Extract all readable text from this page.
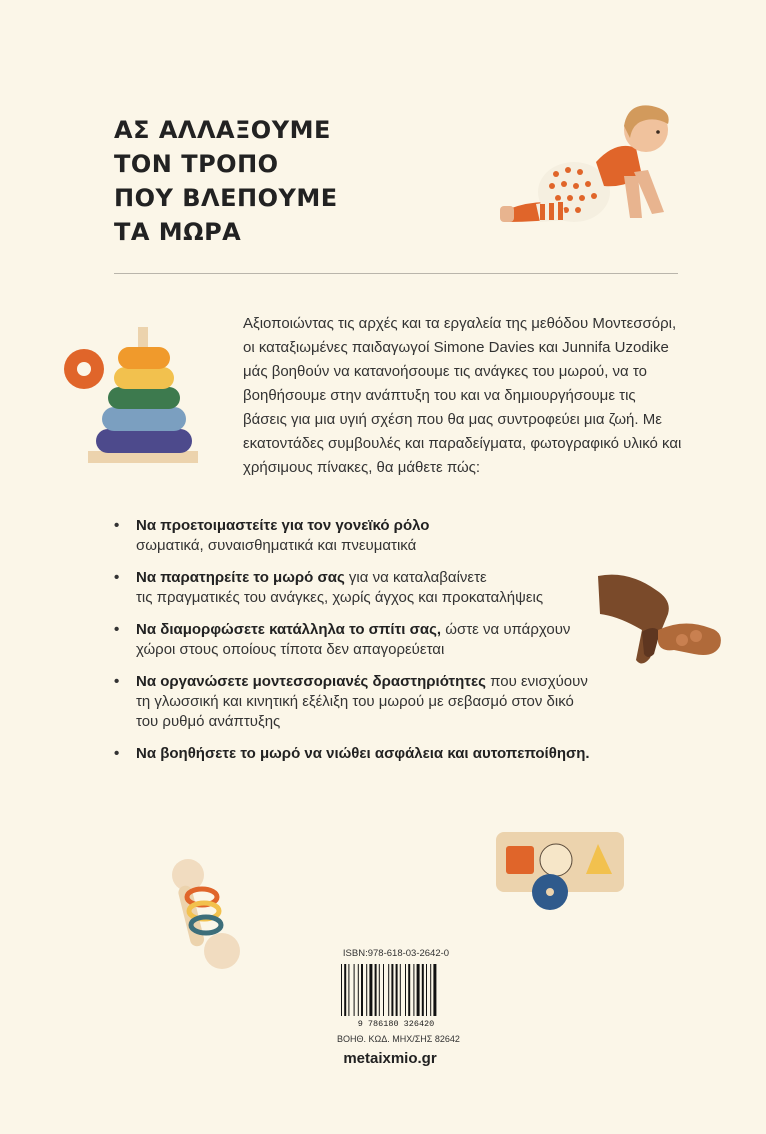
ΑΣ ΑΛΛΑΞΟΥΜΕ
ΤΟΝ ΤΡΟΠΟ
ΠΟΥ ΒΛΕΠΟΥΜΕ
ΤΑ ΜΩΡΑ

Αξιοποιώντας τις αρχές και τα εργαλεία της μεθόδου Μοντεσσόρι, οι καταξιωμένες παιδαγωγοί Simone Davies και Junnifa Uzodike μάς βοηθούν να κατανοήσουμε τις ανάγκες του μωρού, να το βοηθήσουμε στην ανάπτυξη του και να δημιουργήσουμε τις βάσεις για μια υγιή σχέση που θα μας συντροφεύει μια ζωή. Με εκατοντάδες συμβουλές και παραδείγματα, φωτογραφικό υλικό και χρήσιμους πίνακες, θα μάθετε πώς:

• Να προετοιμαστείτε για τον γονεϊκό ρόλο
σωματικά, συναισθηματικά και πνευματικά
• Να παρατηρείτε το μωρό σας για να καταλαβαίνετε
τις πραγματικές του ανάγκες, χωρίς άγχος και προκαταλήψεις
• Να διαμορφώσετε κατάλληλα το σπίτι σας, ώστε να υπάρχουν
χώροι στους οποίους τίποτα δεν απαγορεύεται
• Να οργανώσετε μοντεσσοριανές δραστηριότητες που ενισχύουν
τη γλωσσική και κινητική εξέλιξη του μωρού με σεβασμό στον δικό
του ρυθμό ανάπτυξης
• Να βοηθήσετε το μωρό να νιώθει ασφάλεια και αυτοπεποίθηση.
ISBN:978-618-03-2642-0
9 786180 326420
ΒΟΗΘ. ΚΩΔ. ΜΗΧ/ΣΗΣ 82642
metaixmio.gr
